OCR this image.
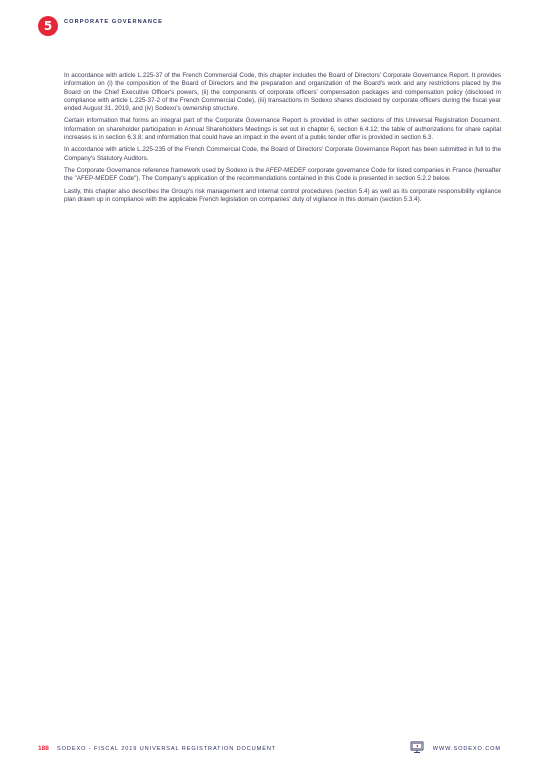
5	CORPORATE GOVERNANCE

In accordance with article L.225-37 of the French Commercial Code, this chapter includes the Board of Directors' Corporate Governance Report. It provides information on (i) the composition of the Board of Directors and the preparation and organization of the Board's work and any restrictions placed by the Board on the Chief Executive Officer's powers, (ii) the components of corporate officers' compensation packages and compensation policy (disclosed in compliance with article L.225-37-2 of the French Commercial Code), (iii) transactions in Sodexo shares disclosed by corporate officers during the fiscal year ended August 31, 2019, and (iv) Sodexo's ownership structure.

Certain information that forms an integral part of the Corporate Governance Report is provided in other sections of this Universal Registration Document. Information on shareholder participation in Annual Shareholders Meetings is set out in chapter 6, section 6.4.12; the table of authorizations for share capital increases is in section 6.3.8; and information that could have an impact in the event of a public tender offer is provided in section 6.3.

In accordance with article L.225-235 of the French Commercial Code, the Board of Directors' Corporate Governance Report has been submitted in full to the Company's Statutory Auditors.

The Corporate Governance reference framework used by Sodexo is the AFEP-MEDEF corporate governance Code for listed companies in France (hereafter the "AFEP-MEDEF Code"). The Company's application of the recommendations contained in this Code is presented in section 5.2.2 below.

Lastly, this chapter also describes the Group's risk management and internal control procedures (section 5.4) as well as its corporate responsibility vigilance plan drawn up in compliance with the applicable French legislation on companies' duty of vigilance in this domain (section 5.3.4).

188 SODEXO - FISCAL 2019 UNIVERSAL REGISTRATION DOCUMENT	WWW.SODEXO.COM
